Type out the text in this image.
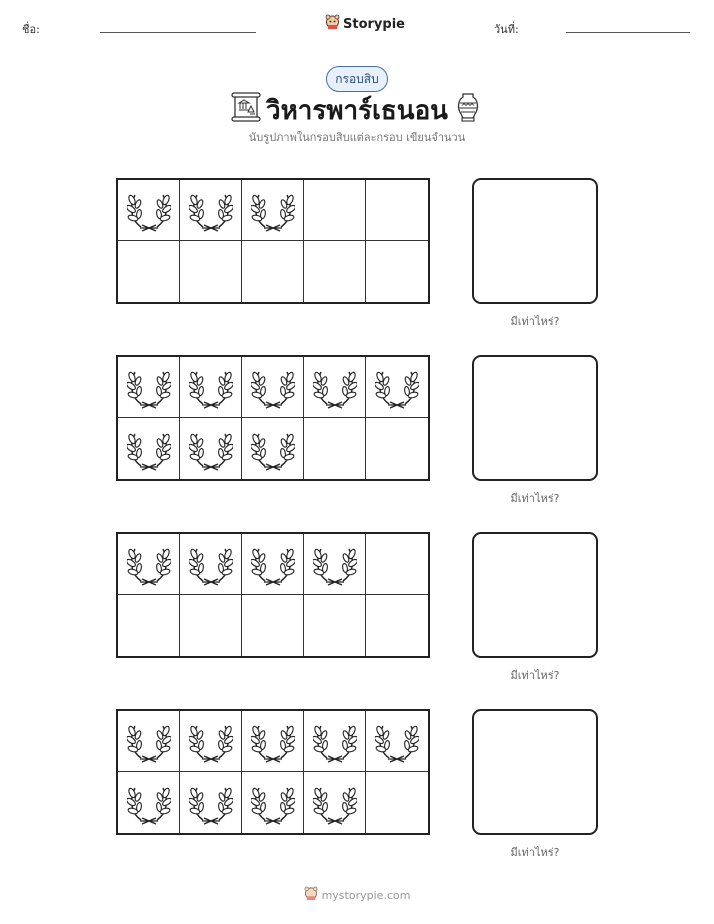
ชื่อ:	Storypie	วันที่:
กรอบสิบ
วิหารพาร์เธนอน
นับรูปภาพในกรอบสิบแต่ละกรอบ เขียนจำนวน
มีเท่าไหร่?
มีเท่าไหร่?
มีเท่าไหร่?
มีเท่าไหร่?
mystorypie.com
